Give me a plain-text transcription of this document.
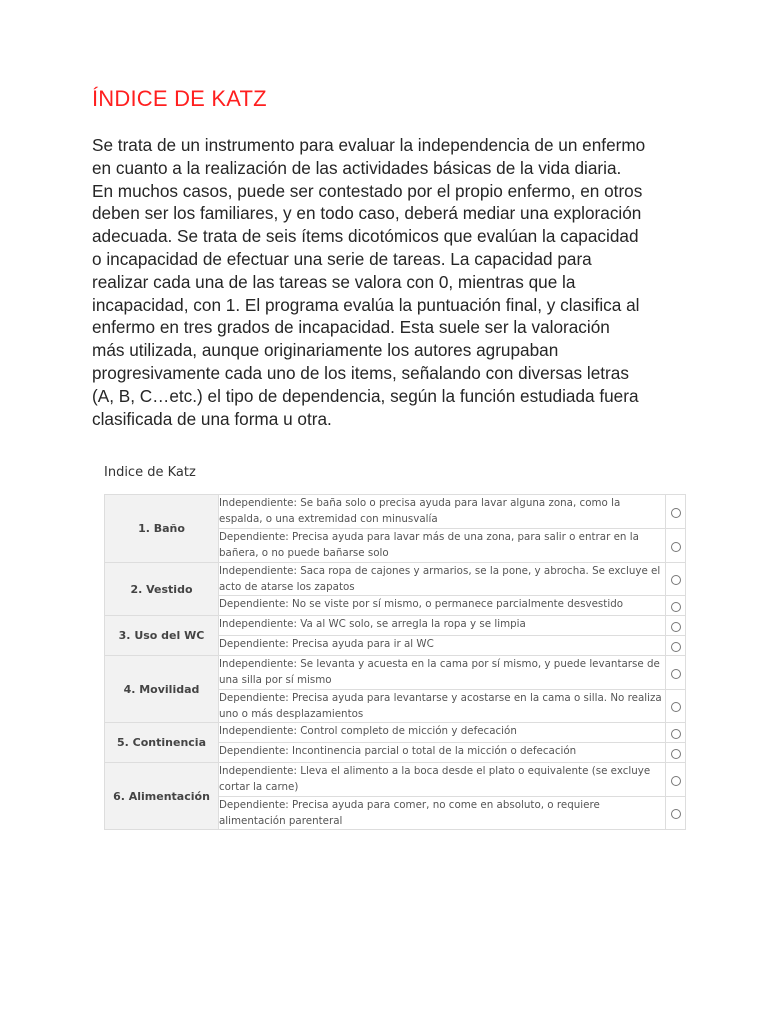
ÍNDICE DE KATZ
Se trata de un instrumento para evaluar la independencia de un enfermo
en cuanto a la realización de las actividades básicas de la vida diaria.
En muchos casos, puede ser contestado por el propio enfermo, en otros
deben ser los familiares, y en todo caso, deberá mediar una exploración
adecuada. Se trata de seis ítems dicotómicos que evalúan la capacidad
o incapacidad de efectuar una serie de tareas. La capacidad para
realizar cada una de las tareas se valora con 0, mientras que la
incapacidad, con 1. El programa evalúa la puntuación final, y clasifica al
enfermo en tres grados de incapacidad. Esta suele ser la valoración
más utilizada, aunque originariamente los autores agrupaban
progresivamente cada uno de los items, señalando con diversas letras
(A, B, C…etc.) el tipo de dependencia, según la función estudiada fuera
clasificada de una forma u otra.
Indice de Katz
1. Baño	Independiente: Se baña solo o precisa ayuda para lavar alguna zona, como la espalda, o una extremidad con minusvalía	
	Dependiente: Precisa ayuda para lavar más de una zona, para salir o entrar en la bañera, o no puede bañarse solo	
2. Vestido	Independiente: Saca ropa de cajones y armarios, se la pone, y abrocha. Se excluye el acto de atarse los zapatos	
	Dependiente: No se viste por sí mismo, o permanece parcialmente desvestido	
3. Uso del WC	Independiente: Va al WC solo, se arregla la ropa y se limpia	
	Dependiente: Precisa ayuda para ir al WC	
4. Movilidad	Independiente: Se levanta y acuesta en la cama por sí mismo, y puede levantarse de una silla por sí mismo	
	Dependiente: Precisa ayuda para levantarse y acostarse en la cama o silla. No realiza uno o más desplazamientos	
5. Continencia	Independiente: Control completo de micción y defecación	
	Dependiente: Incontinencia parcial o total de la micción o defecación	
6. Alimentación	Independiente: Lleva el alimento a la boca desde el plato o equivalente (se excluye cortar la carne)	
	Dependiente: Precisa ayuda para comer, no come en absoluto, o requiere alimentación parenteral	
